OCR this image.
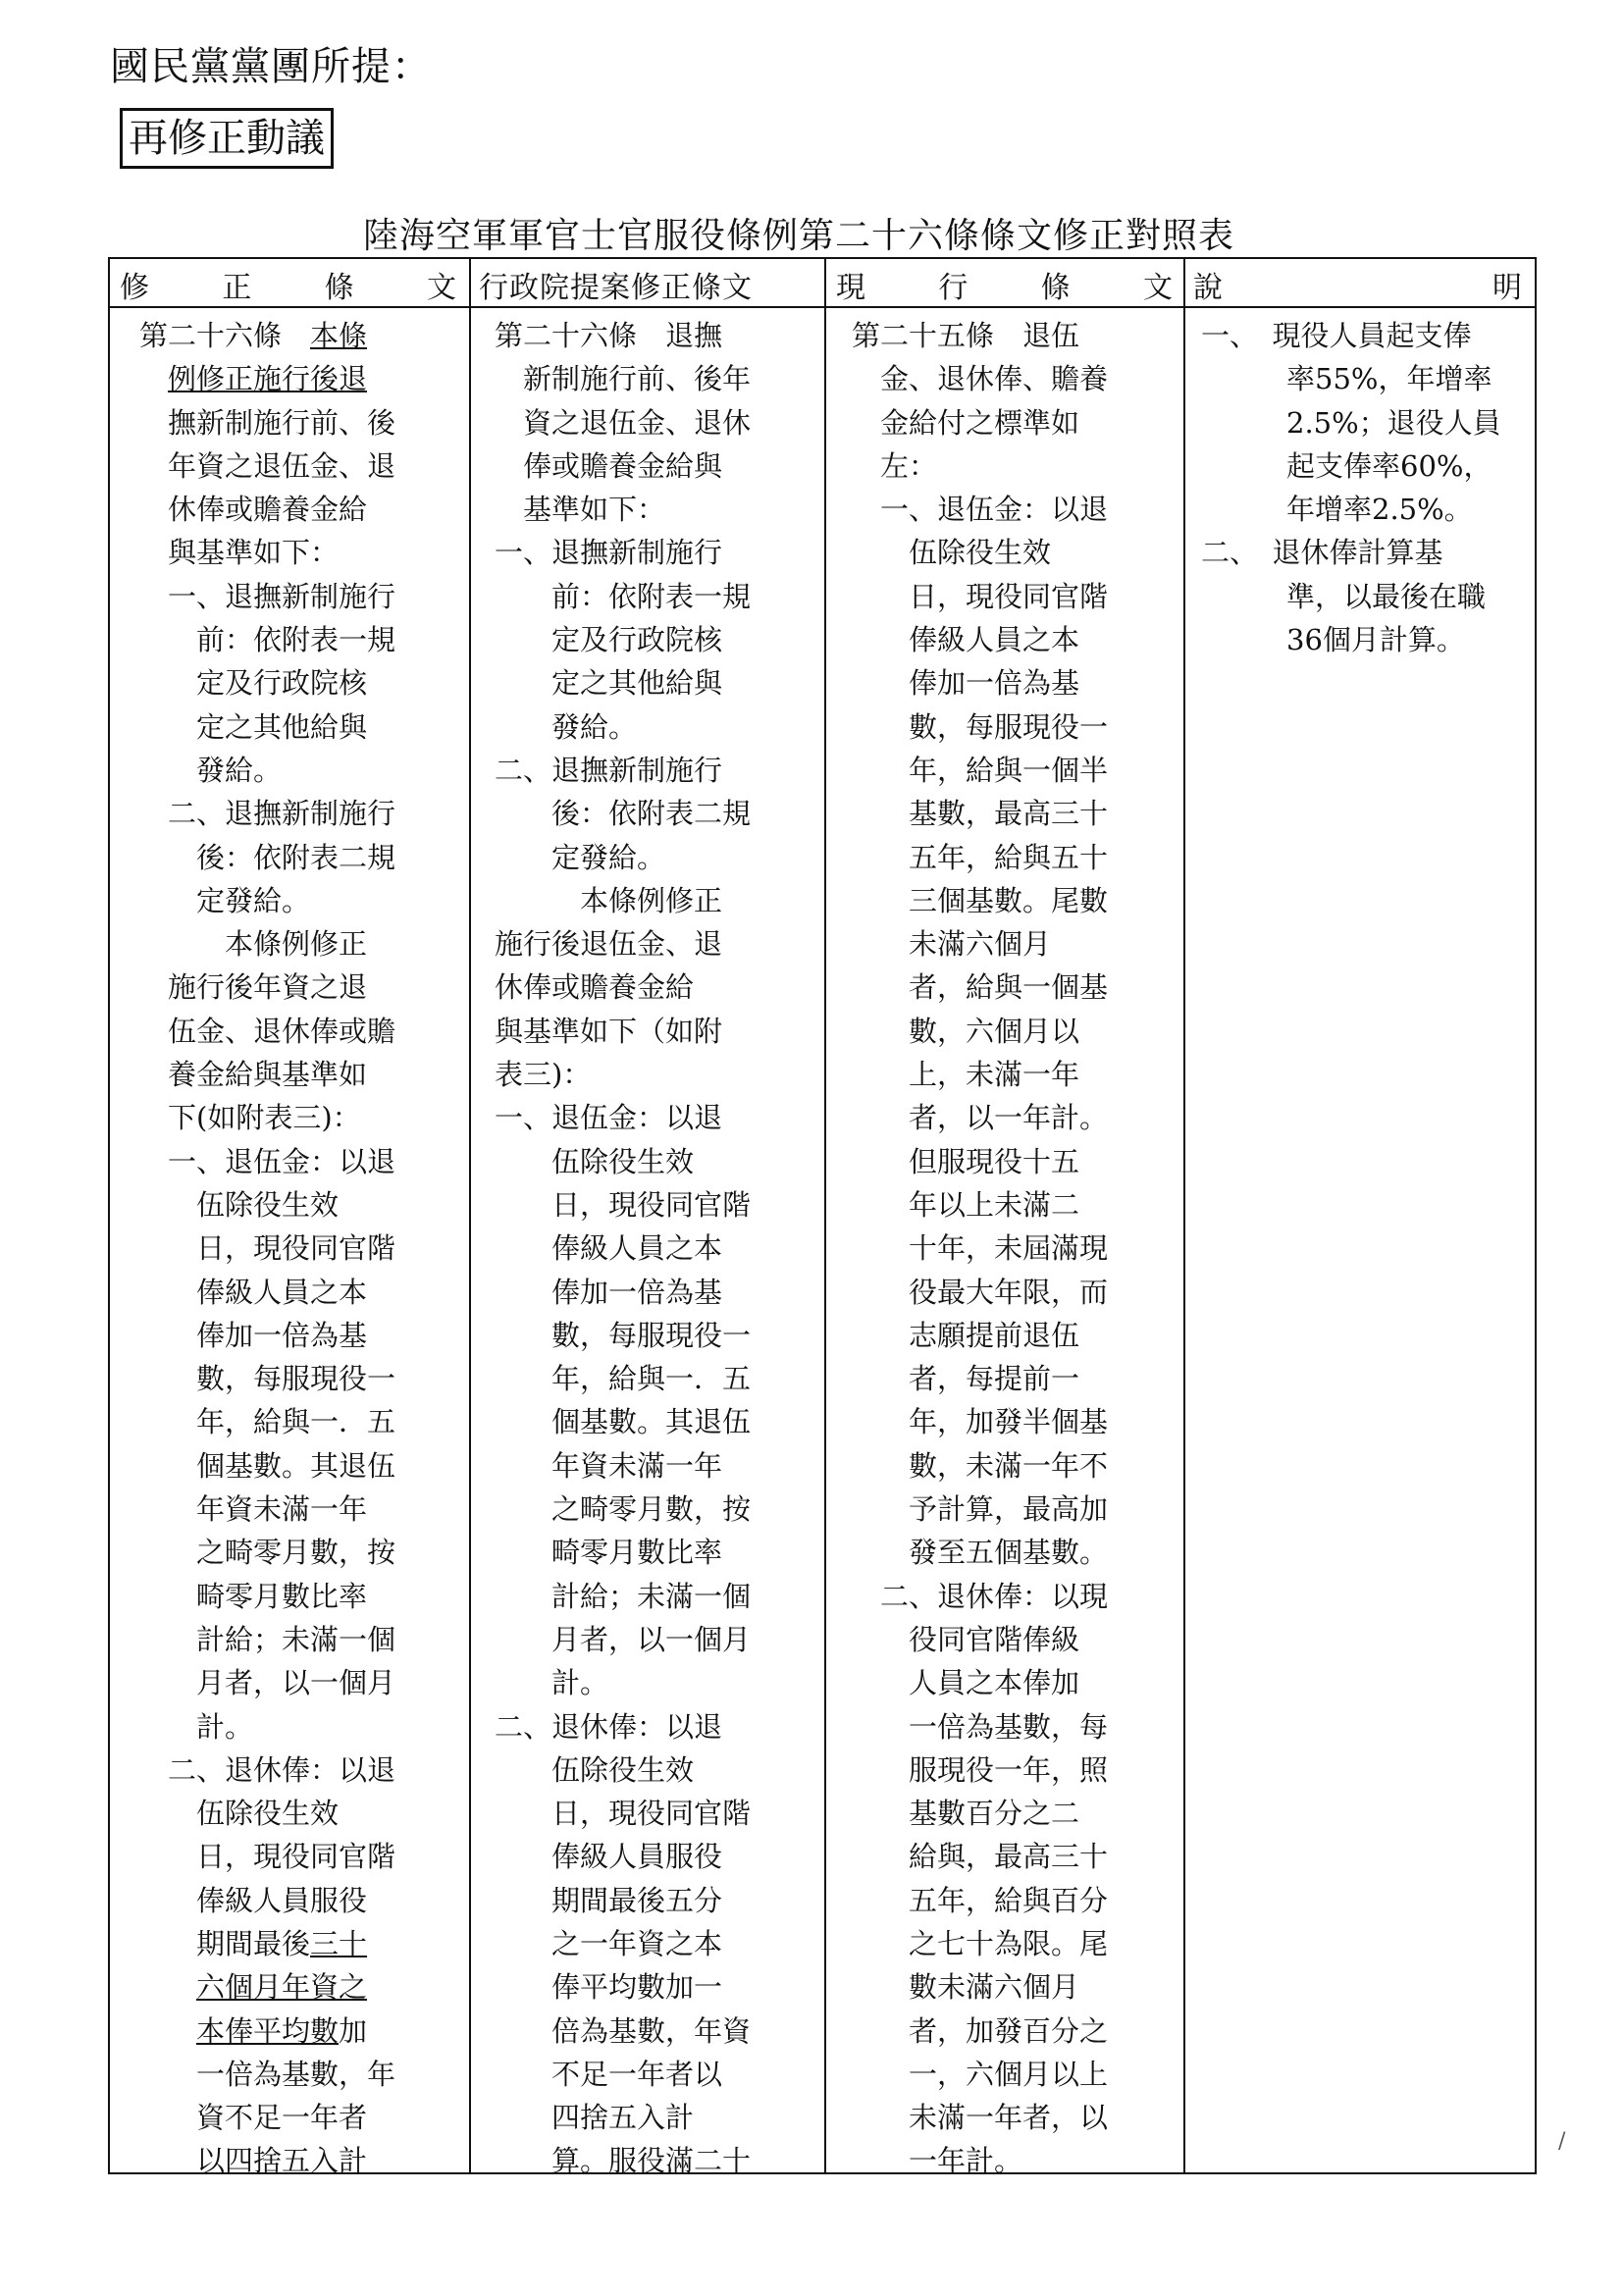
國民黨黨團所提：
再修正動議
陸海空軍軍官士官服役條例第二十六條條文修正對照表
修 正 條 文 行政院提案修正條文	現 行 條 文 說	明
第二十六條　本條
　例修正施行後退
　撫新制施行前、後
　年資之退伍金、退
　休俸或贍養金給
　與基準如下：
　一、退撫新制施行
　　前：依附表一規
　　定及行政院核
　　定之其他給與
　　發給。
　二、退撫新制施行
　　後：依附表二規
　　定發給。
　　　本條例修正
　施行後年資之退
　伍金、退休俸或贍
　養金給與基準如
　下(如附表三)：
　一、退伍金：以退
　　伍除役生效
　　日，現役同官階
　　俸級人員之本
　　俸加一倍為基
　　數，每服現役一
　　年，給與一．五
　　個基數。其退伍
　　年資未滿一年
　　之畸零月數，按
　　畸零月數比率
　　計給；未滿一個
　　月者，以一個月
　　計。
　二、退休俸：以退
　　伍除役生效
　　日，現役同官階
　　俸級人員服役
　　期間最後三十
　　六個月年資之
　　本俸平均數加
　　一倍為基數，年
　　資不足一年者
　　以四捨五入計
第二十六條　退撫
　新制施行前、後年
　資之退伍金、退休
　俸或贍養金給與
　基準如下：
一、退撫新制施行
　　前：依附表一規
　　定及行政院核
　　定之其他給與
　　發給。
二、退撫新制施行
　　後：依附表二規
　　定發給。
　　　本條例修正
施行後退伍金、退
休俸或贍養金給
與基準如下（如附
表三)：
一、退伍金：以退
　　伍除役生效
　　日，現役同官階
　　俸級人員之本
　　俸加一倍為基
　　數，每服現役一
　　年，給與一．五
　　個基數。其退伍
　　年資未滿一年
　　之畸零月數，按
　　畸零月數比率
　　計給；未滿一個
　　月者，以一個月
　　計。
二、退休俸：以退
　　伍除役生效
　　日，現役同官階
　　俸級人員服役
　　期間最後五分
　　之一年資之本
　　俸平均數加一
　　倍為基數，年資
　　不足一年者以
　　四捨五入計
　　算。服役滿二十
第二十五條　退伍
　金、退休俸、贍養
　金給付之標準如
　左：
　一、退伍金：以退
　　伍除役生效
　　日，現役同官階
　　俸級人員之本
　　俸加一倍為基
　　數，每服現役一
　　年，給與一個半
　　基數，最高三十
　　五年，給與五十
　　三個基數。尾數
　　未滿六個月
　　者，給與一個基
　　數，六個月以
　　上，未滿一年
　　者，以一年計。
　　但服現役十五
　　年以上未滿二
　　十年，未屆滿現
　　役最大年限，而
　　志願提前退伍
　　者，每提前一
　　年，加發半個基
　　數，未滿一年不
　　予計算，最高加
　　發至五個基數。
　二、退休俸：以現
　　役同官階俸級
　　人員之本俸加
　　一倍為基數，每
　　服現役一年，照
　　基數百分之二
　　給與，最高三十
　　五年，給與百分
　　之七十為限。尾
　　數未滿六個月
　　者，加發百分之
　　一，六個月以上
　　未滿一年者，以
　　一年計。
一、　現役人員起支俸
　　　率55%，年增率
　　　2.5%；退役人員
　　　起支俸率60%，
　　　年增率2.5%。
二、　退休俸計算基
　　　準，以最後在職
　　　36個月計算。
/
